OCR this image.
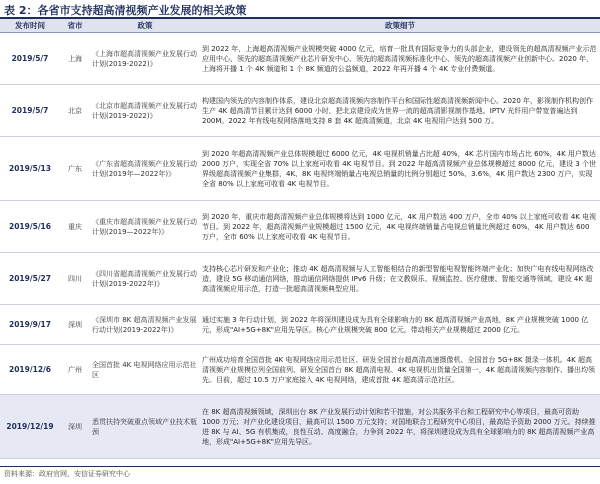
表 2：各省市支持超高清视频产业发展的相关政策
发布时间	省市	政策	政策细节
2019/5/7	上海	《上海市超高清视频产业发展行动计划(2019-2022)》	到 2022 年，上海超高清视频产业规模突破 4000 亿元，培育一批具有国际竞争力的头部企业，建设领先的超高清视频产业示范应用中心、领先的超高清视频产业芯片研发中心、领先的超高清视频标准化中心、领先的超高清视频产业创新中心。2020 年，上海将开播 1 个 4K 频道和 1 个 8K 频道的公益频道，2022 年再开播 4 个 4K 专业付费频道。
2019/5/7	北京	《北京市超高清视频产业发展行动计划(2019-2022)》	构建国内领先的内容制作体系，建设北京超高清视频内容制作平台和国际性超高清视频新闻中心。2020 年，影视制作机构创作生产 4K 超高清节目累计达到 6000 小时，把北京建设成为世界一流的超高清影视制作基地。IPTV 光纤用户带宽普遍达到 200M。2022 年有线电视网络落地支持 8 套 4K 超高清频道，北京 4K 电视用户达到 500 万。
2019/5/13	广东	《广东省超高清视频产业发展行动计划(2019年—2022年)》	到 2020 年超高清视频产业总体规模超过 6000 亿元，4K 电视机销量占比超 40%，4K 芯片国内市场占比 60%，4K 用户数达 2000 万户，实现全省 70% 以上家庭可收看 4K 电视节目。到 2022 年超高清视频产业总体规模超过 8000 亿元，建设 3 个世界级超高清视频产业集群，4K、8K 电视终端销量占电视总销量的比例分别超过 50%、3.6%，4K 用户数达 2300 万户，实现全省 80% 以上家庭可收看 4K 电视节目。
2019/5/16	重庆	《重庆市超高清视频产业发展行动计划(2019—2022年)》	到 2020 年，重庆市超高清视频产业总体规模将达到 1000 亿元，4K 用户数达 400 万户，全市 40% 以上家庭可收看 4K 电视节目。到 2022 年，超高清视频产业规模超过 1500 亿元，4K 电视终端销量占电视总销量比例超过 60%，4K 用户数达 600 万户，全市 60% 以上家庭可收看 4K 电视节目。
2019/5/27	四川	《四川省超高清视频产业发展行动计划(2019-2022年)》	支持核心芯片研发和产业化；推动 4K 超高清视频与人工智能相结合的新型智能电视智能终端产业化；加快广电有线电视网络改造，建设 5G 移动通信网络，推动通信网络提供 IPv6 升级；在文教娱乐、视频监控、医疗健康、智能交通等领域，建设 4K 超高清视频应用示范，打造一批超高清视频典型应用。
2019/9/17	深圳	《深圳市 8K 超高清视频产业发展行动计划(2019-2022年)》	通过实施 3 年行动计划，到 2022 年将深圳建设成为具有全球影响力的 8K 超高清视频产业高地，8K 产业规模突破 1000 亿元，形成"AI+5G+8K"应用先导区。核心产业规模突破 800 亿元，带动相关产业规模超过 2000 亿元。
2019/12/6	广州	全国首批 4K 电视网络应用示范社区	广州成功培育全国首批 4K 电视网络应用示范社区、研发全国首台超高清高速摄像机、全国首台 5G+8K 摄录一体机。4K 超高清视频产业规模位列全国前列、研发全国首台 8K 超高清电视、4K 电视机出货量全国第一，4K 超高清视频内容制作、播出均领先。目前，超过 10.5 万户家庭接入 4K 电视网络，建成首批 4K 超高清示范社区。
2019/12/19	深圳	悉贯扶持突破重点领域产业技术瓶颈	在 8K 超高清视频领域，深圳出台 8K 产业发展行动计划和若干措施，对公共服务平台和工程研究中心等项目，最高可资助 1000 万元；对产业化建设项目，最高可以 1500 万元支持；对国地联合工程研究中心项目，最高给予资助 2000 万元。持续推进 8K 与 AI、5G 有机集成，良性互动、高度融合，力争到 2022 年，将深圳建设成为具有全球影响力的 8K 超高清视频产业高地，形成"AI+5G+8K"应用先导区。
资料来源：政府官网，安信证券研究中心
